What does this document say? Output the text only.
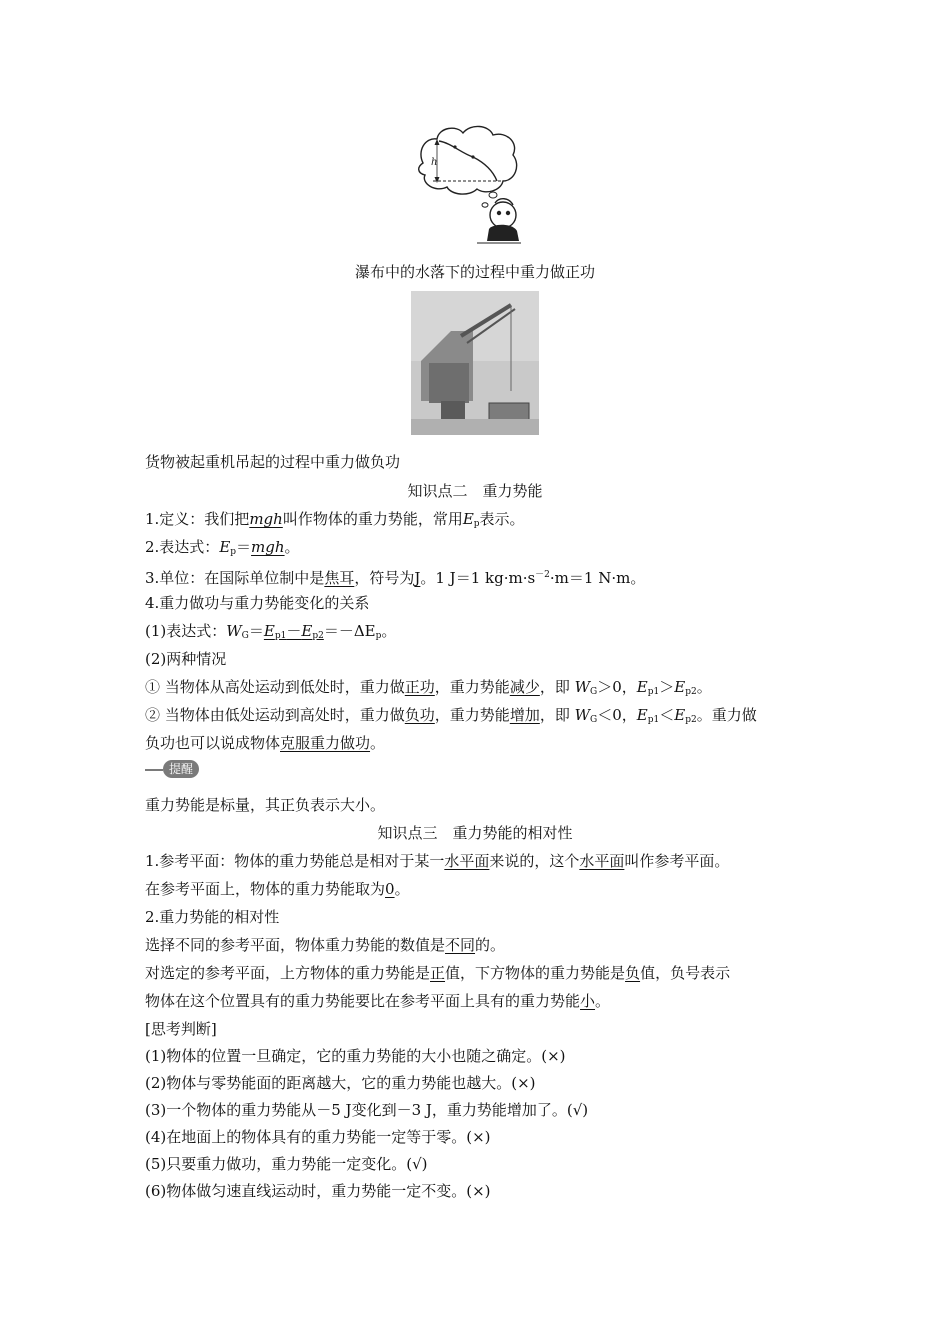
h
瀑布中的水落下的过程中重力做正功
货物被起重机吊起的过程中重力做负功
知识点二　重力势能
1.定义：我们把mgh叫作物体的重力势能，常用$E_p$表示。
2.表达式：$E_p=mgh$。
3.单位：在国际单位制中是焦耳，符号为J。1 J＝1 $kg\cdot m\cdot s^{-2}\cdot m=1$ N·m。
4.重力做功与重力势能变化的关系
(1)表达式：$W_G=E_{p1}-E_{p2}=-\Delta E_p$。
(2)两种情况
① 当物体从高处运动到低处时，重力做正功，重力势能减少，即 $W_G>0$，$E_{p1}>E_{p2}$。
② 当物体由低处运动到高处时，重力做负功，重力势能增加，即 $W_G<0$，$E_{p1}<E_{p2}$。重力做
负功也可以说成物体克服重力做功。
提醒
重力势能是标量，其正负表示大小。
知识点三　重力势能的相对性
1.参考平面：物体的重力势能总是相对于某一水平面来说的，这个水平面叫作参考平面。
在参考平面上，物体的重力势能取为0。
2.重力势能的相对性
选择不同的参考平面，物体重力势能的数值是不同的。
对选定的参考平面，上方物体的重力势能是正值，下方物体的重力势能是负值，负号表示
物体在这个位置具有的重力势能要比在参考平面上具有的重力势能小。
[思考判断]
(1)物体的位置一旦确定，它的重力势能的大小也随之确定。(×)
(2)物体与零势能面的距离越大，它的重力势能也越大。(×)
(3)一个物体的重力势能从－5 J变化到－3 J，重力势能增加了。(√)
(4)在地面上的物体具有的重力势能一定等于零。(×)
(5)只要重力做功，重力势能一定变化。(√)
(6)物体做匀速直线运动时，重力势能一定不变。(×)
